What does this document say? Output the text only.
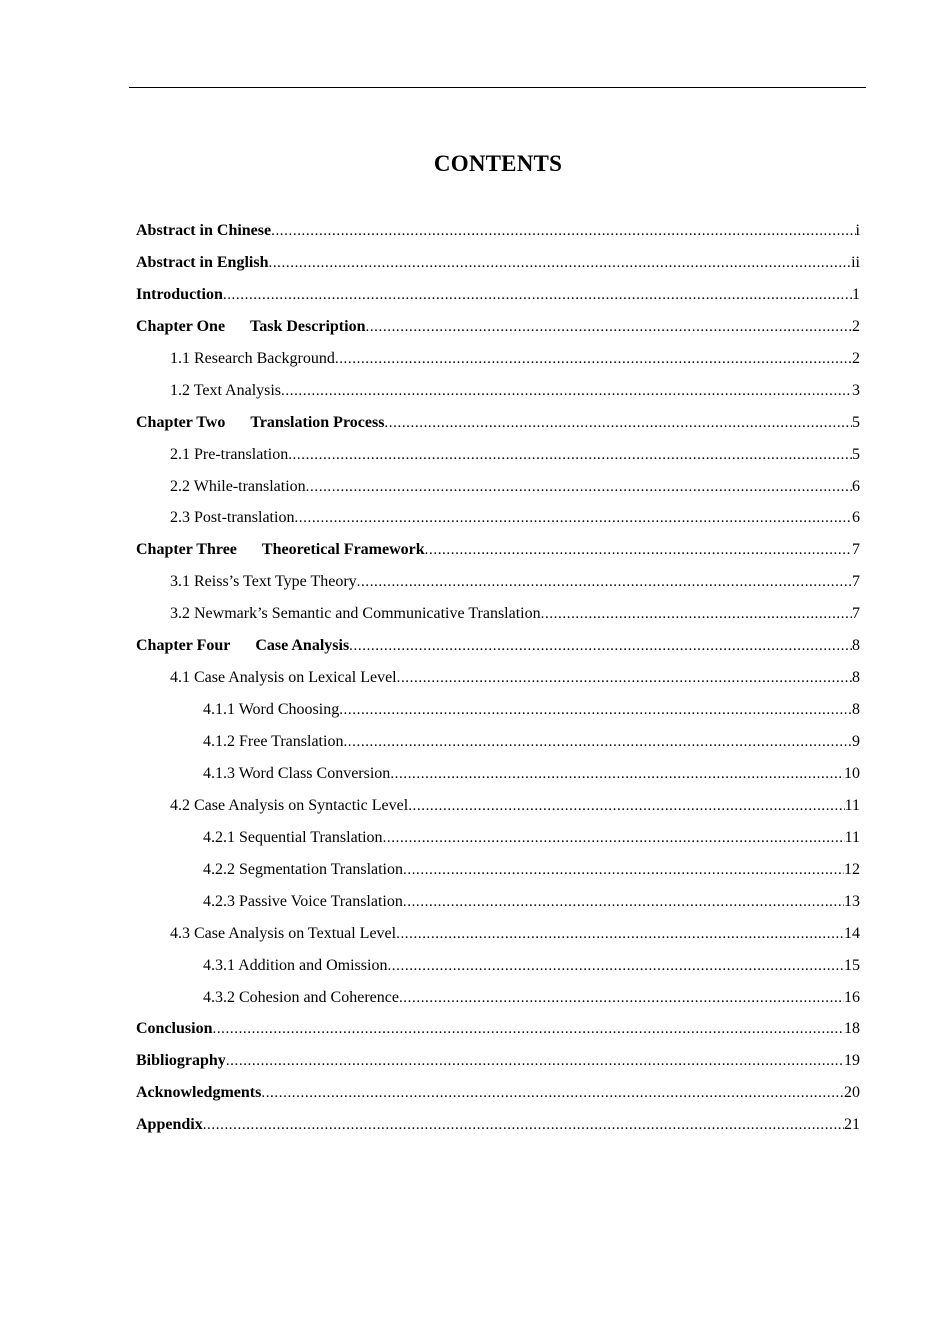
CONTENTS
Abstract in Chinese .....	i
Abstract in English .....	ii
Introduction .....	1
Chapter One Task Description .....	2
1.1 Research Background .....	2
1.2 Text Analysis .....	3
Chapter Two Translation Process .....	5
2.1 Pre-translation .....	5
2.2 While-translation .....	6
2.3 Post-translation .....	6
Chapter Three Theoretical Framework .....	7
3.1 Reiss’s Text Type Theory .....	7
3.2 Newmark’s Semantic and Communicative Translation .....	7
Chapter Four Case Analysis .....	8
4.1 Case Analysis on Lexical Level .....	8
4.1.1 Word Choosing .....	8
4.1.2 Free Translation .....	9
4.1.3 Word Class Conversion .....	10
4.2 Case Analysis on Syntactic Level .....	11
4.2.1 Sequential Translation .....	11
4.2.2 Segmentation Translation .....	12
4.2.3 Passive Voice Translation .....	13
4.3 Case Analysis on Textual Level .....	14
4.3.1 Addition and Omission .....	15
4.3.2 Cohesion and Coherence .....	16
Conclusion .....	18
Bibliography .....	19
Acknowledgments .....	20
Appendix .....	21
